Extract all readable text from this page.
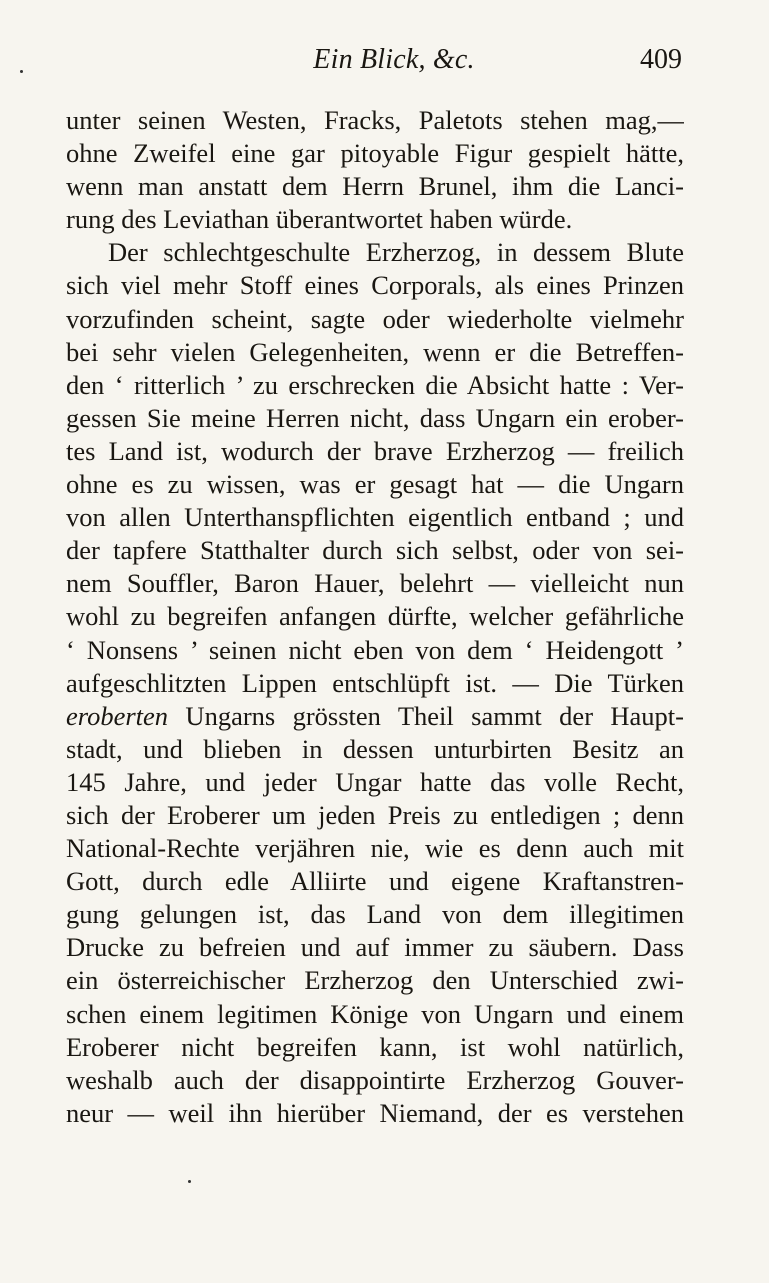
Ein Blick, &c.	409
unter seinen Westen, Fracks, Paletots stehen mag,—
ohne Zweifel eine gar pitoyable Figur gespielt hätte,
wenn man anstatt dem Herrn Brunel, ihm die Lanci-
rung des Leviathan überantwortet haben würde.
Der schlechtgeschulte Erzherzog, in dessem Blute
sich viel mehr Stoff eines Corporals, als eines Prinzen
vorzufinden scheint, sagte oder wiederholte vielmehr
bei sehr vielen Gelegenheiten, wenn er die Betreffen-
den ‘ ritterlich ’ zu erschrecken die Absicht hatte : Ver-
gessen Sie meine Herren nicht, dass Ungarn ein erober-
tes Land ist, wodurch der brave Erzherzog — freilich
ohne es zu wissen, was er gesagt hat — die Ungarn
von allen Unterthanspflichten eigentlich entband ; und
der tapfere Statthalter durch sich selbst, oder von sei-
nem Souffler, Baron Hauer, belehrt — vielleicht nun
wohl zu begreifen anfangen dürfte, welcher gefährliche
‘ Nonsens ’ seinen nicht eben von dem ‘ Heidengott ’
aufgeschlitzten Lippen entschlüpft ist. — Die Türken
eroberten Ungarns grössten Theil sammt der Haupt-
stadt, und blieben in dessen unturbirten Besitz an
145 Jahre, und jeder Ungar hatte das volle Recht,
sich der Eroberer um jeden Preis zu entledigen ; denn
National-Rechte verjähren nie, wie es denn auch mit
Gott, durch edle Alliirte und eigene Kraftanstren-
gung gelungen ist, das Land von dem illegitimen
Drucke zu befreien und auf immer zu säubern. Dass
ein österreichischer Erzherzog den Unterschied zwi-
schen einem legitimen Könige von Ungarn und einem
Eroberer nicht begreifen kann, ist wohl natürlich,
weshalb auch der disappointirte Erzherzog Gouver-
neur — weil ihn hierüber Niemand, der es verstehen
